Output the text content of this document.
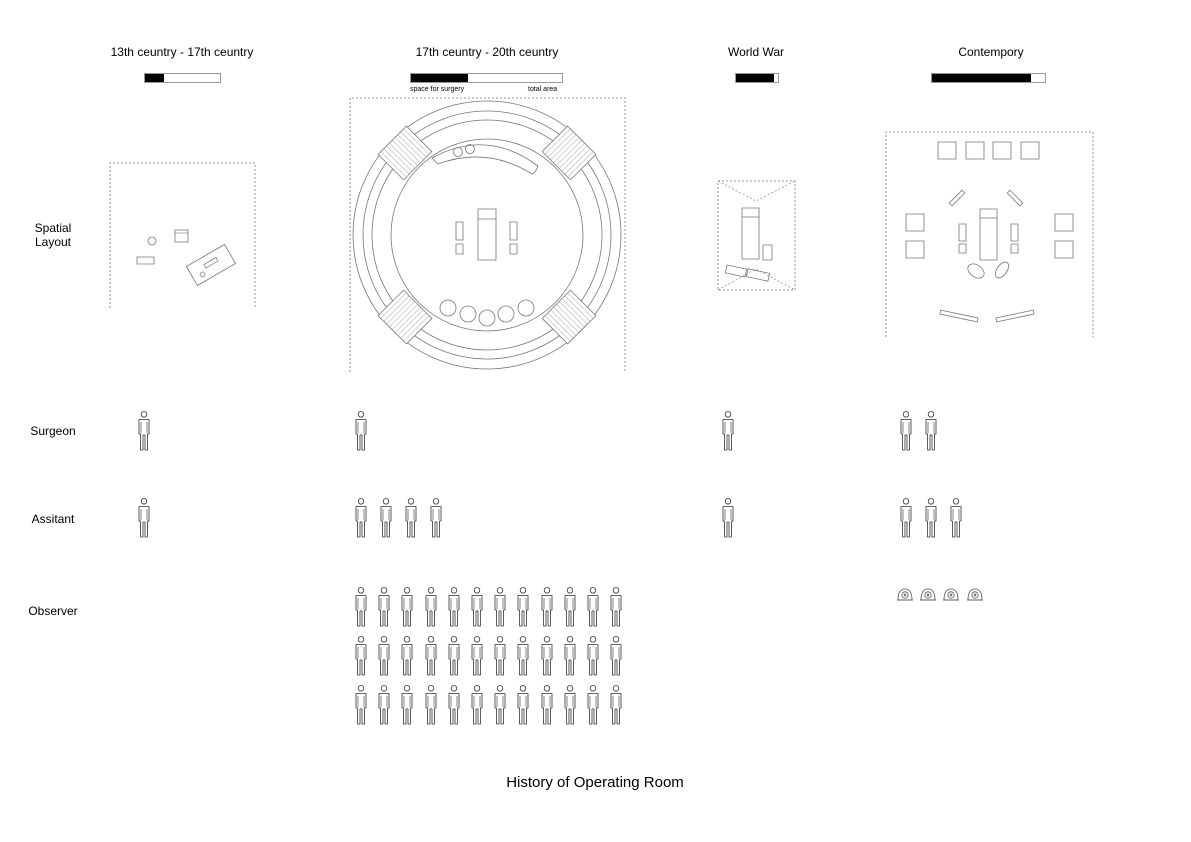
13th ceuntry - 17th ceuntry	17th ceuntry - 20th ceuntry	World War	Contempory
space for surgery	total area
Spatial
Layout
Surgeon
Assitant
Observer
History of Operating Room
